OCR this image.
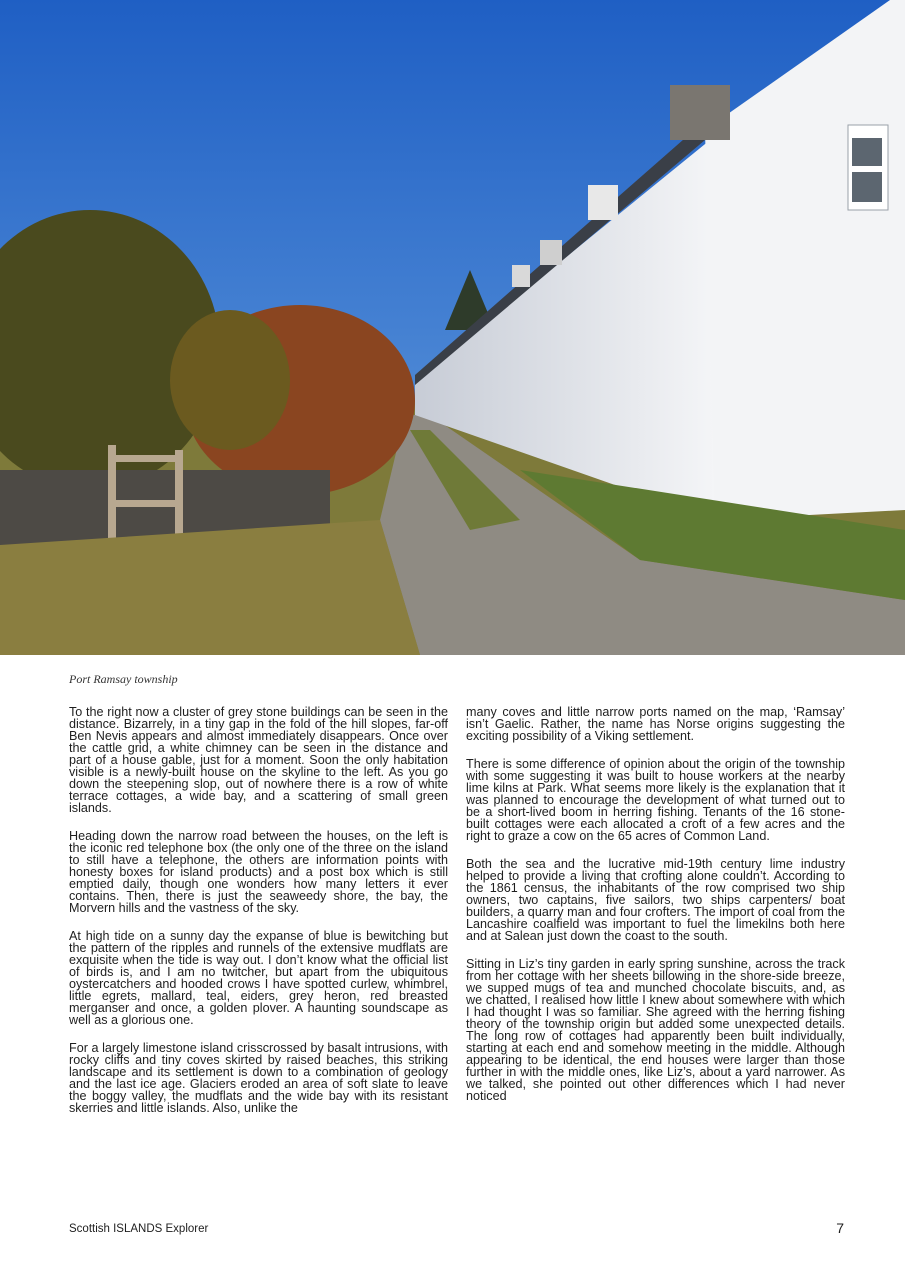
Port Ramsay township

To the right now a cluster of grey stone buildings can be seen in the distance. Bizarrely, in a tiny gap in the fold of the hill slopes, far-off Ben Nevis appears and almost immediately disappears. Once over the cattle grid, a white chimney can be seen in the distance and part of a house gable, just for a moment. Soon the only habitation visible is a newly-built house on the skyline to the left. As you go down the steepening slop, out of nowhere there is a row of white terrace cottages, a wide bay, and a scattering of small green islands.

Heading down the narrow road between the houses, on the left is the iconic red telephone box (the only one of the three on the island to still have a telephone, the others are information points with honesty boxes for island products) and a post box which is still emptied daily, though one wonders how many letters it ever contains. Then, there is just the seaweedy shore, the bay, the Morvern hills and the vastness of the sky.

At high tide on a sunny day the expanse of blue is bewitching but the pattern of the ripples and runnels of the extensive mudflats are exquisite when the tide is way out. I don’t know what the official list of birds is, and I am no twitcher, but apart from the ubiquitous oystercatchers and hooded crows I have spotted curlew, whimbrel, little egrets, mallard, teal, eiders, grey heron, red breasted merganser and once, a golden plover. A haunting soundscape as well as a glorious one.

For a largely limestone island crisscrossed by basalt intrusions, with rocky cliffs and tiny coves skirted by raised beaches, this striking landscape and its settlement is down to a combination of geology and the last ice age. Glaciers eroded an area of soft slate to leave the boggy valley, the mudflats and the wide bay with its resistant skerries and little islands. Also, unlike the

many coves and little narrow ports named on the map, ‘Ramsay’ isn’t Gaelic. Rather, the name has Norse origins suggesting the exciting possibility of a Viking settlement.

There is some difference of opinion about the origin of the township with some suggesting it was built to house workers at the nearby lime kilns at Park. What seems more likely is the explanation that it was planned to encourage the development of what turned out to be a short-lived boom in herring fishing. Tenants of the 16 stone-built cottages were each allocated a croft of a few acres and the right to graze a cow on the 65 acres of Common Land.

Both the sea and the lucrative mid-19th century lime industry helped to provide a living that crofting alone couldn’t. According to the 1861 census, the inhabitants of the row comprised two ship owners, two captains, five sailors, two ships carpenters/ boat builders, a quarry man and four crofters. The import of coal from the Lancashire coalfield was important to fuel the limekilns both here and at Salean just down the coast to the south.

Sitting in Liz’s tiny garden in early spring sunshine, across the track from her cottage with her sheets billowing in the shore-side breeze, we supped mugs of tea and munched chocolate biscuits, and, as we chatted, I realised how little I knew about somewhere with which I had thought I was so familiar. She agreed with the herring fishing theory of the township origin but added some unexpected details. The long row of cottages had apparently been built individually, starting at each end and somehow meeting in the middle. Although appearing to be identical, the end houses were larger than those further in with the middle ones, like Liz’s, about a yard narrower. As we talked, she pointed out other differences which I had never noticed

Scottish ISLANDS Explorer	7
